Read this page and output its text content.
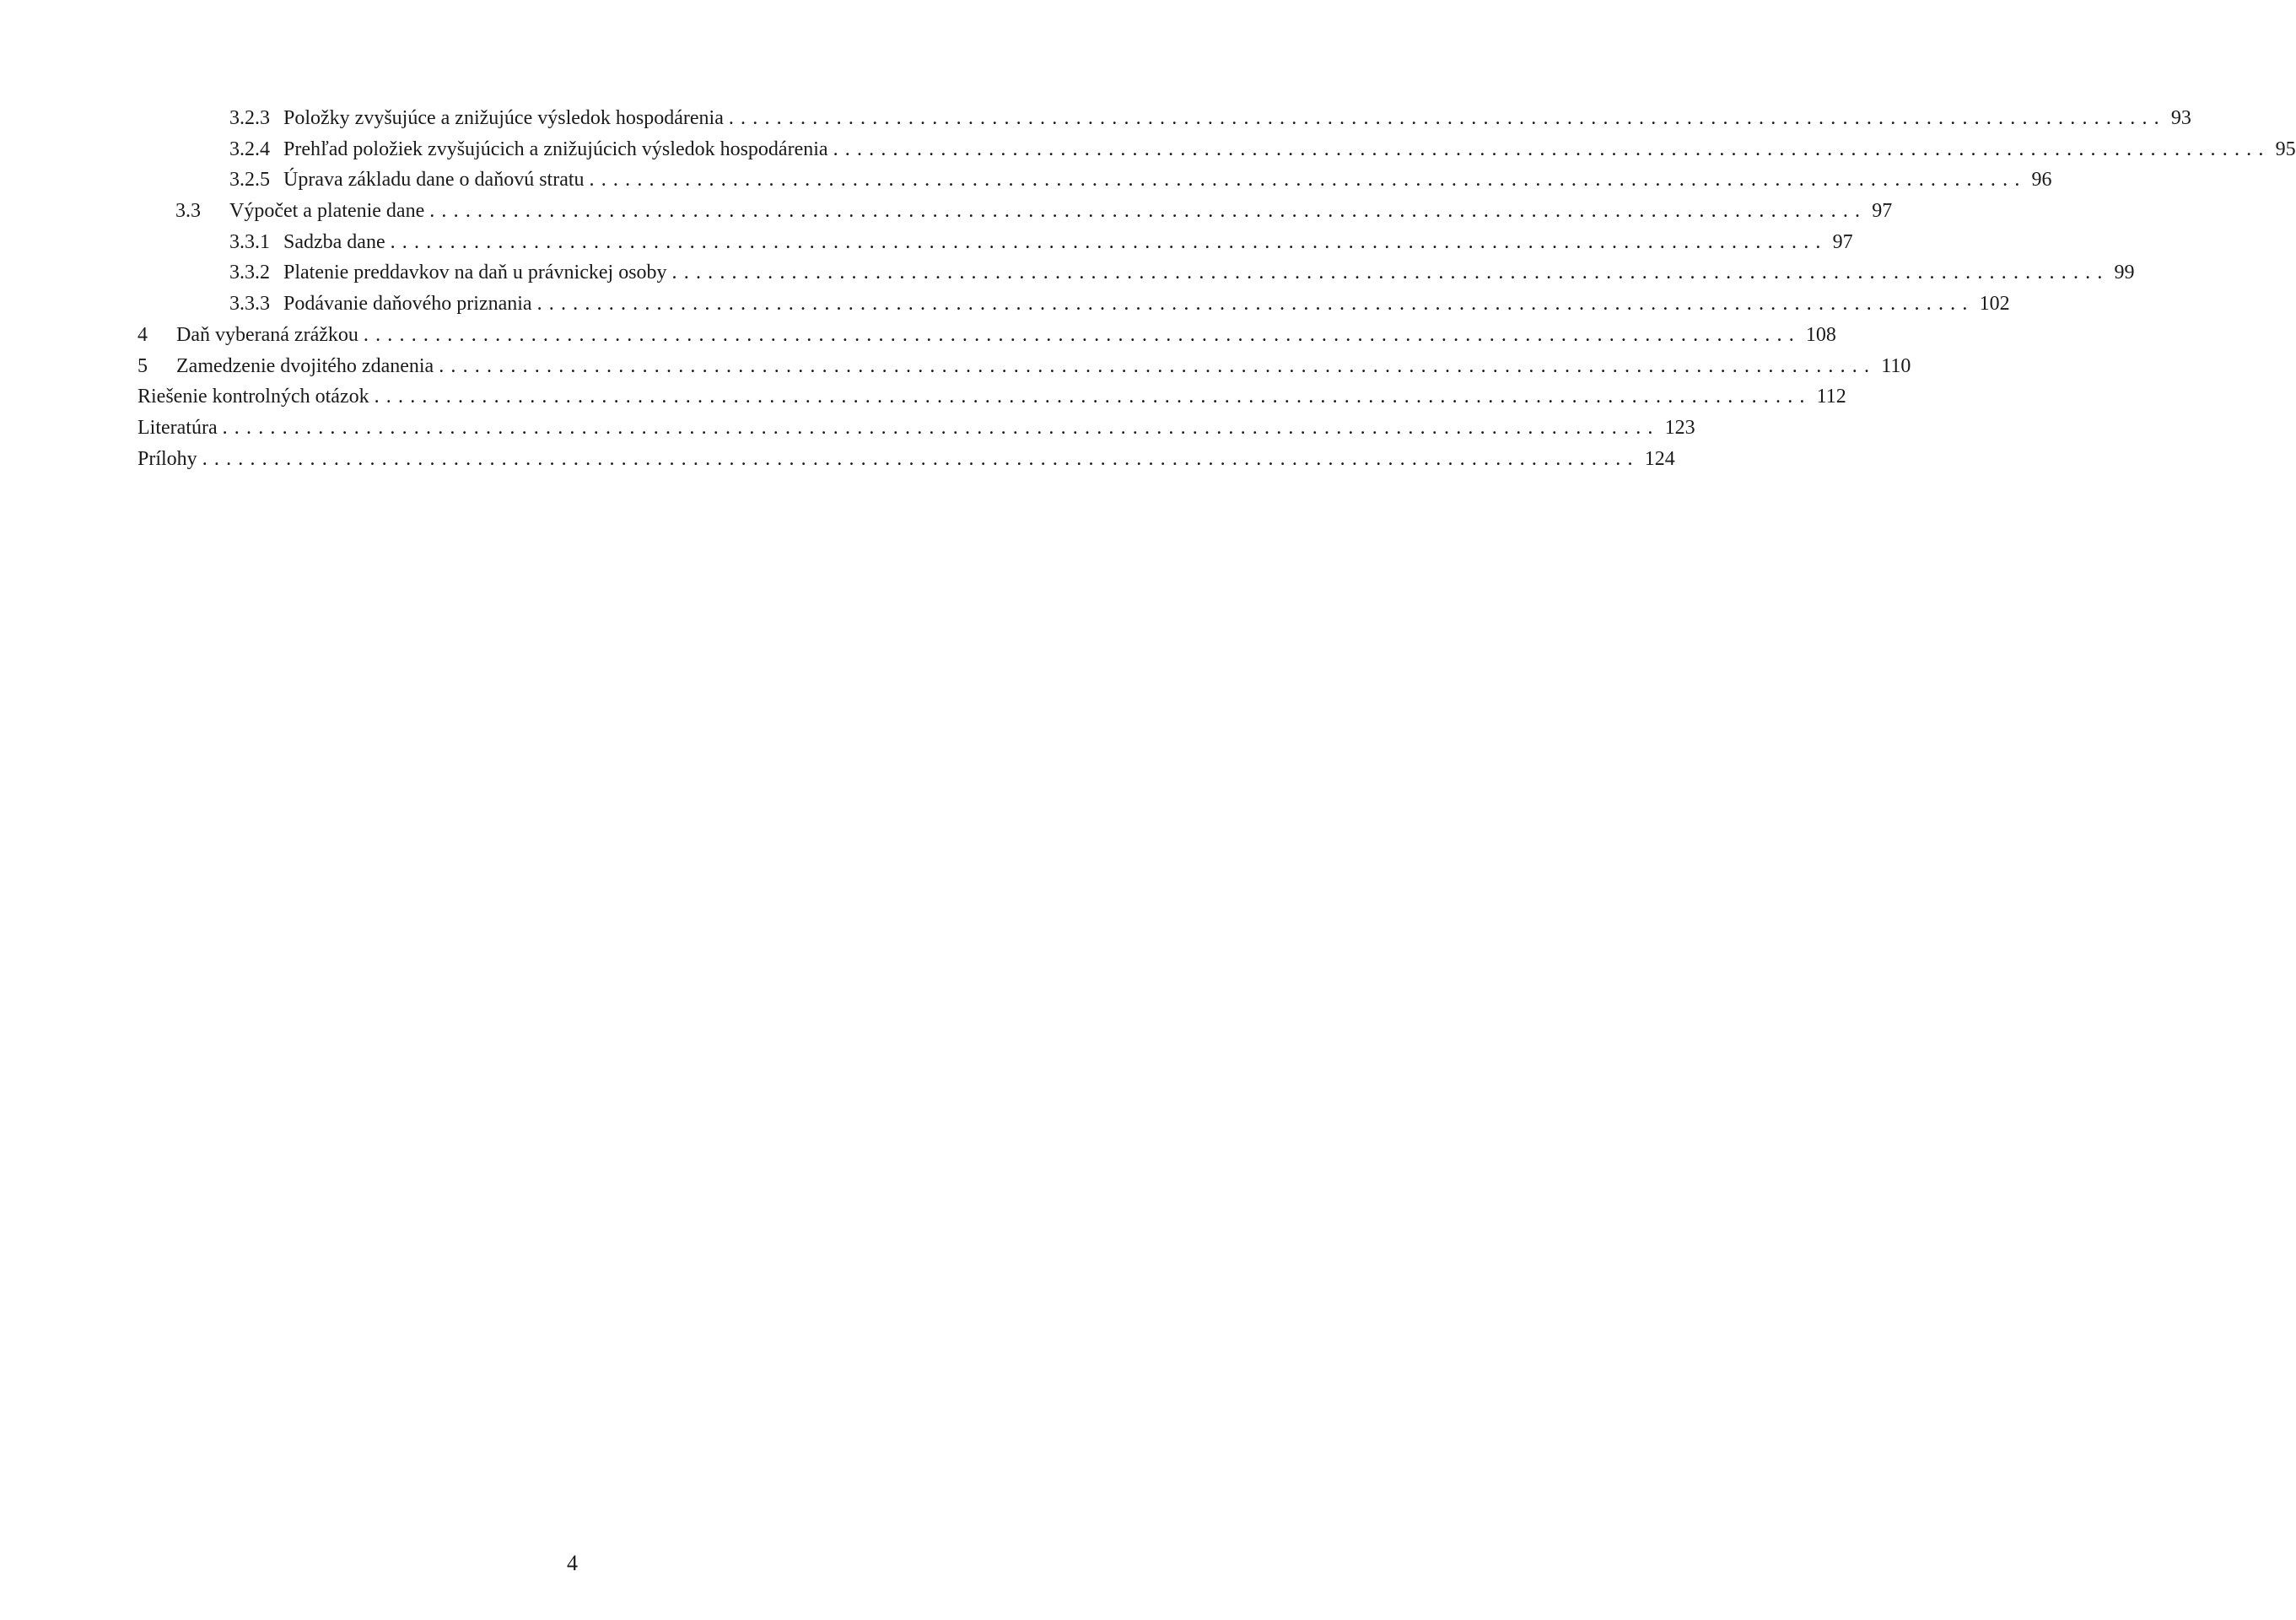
3.2.3 Položky zvyšujúce a znižujúce výsledok hospodárenia ........................................................................................................................ 93
3.2.4 Prehľad položiek zvyšujúcich a znižujúcich výsledok hospodárenia ........................................................................................................................ 95
3.2.5 Úprava základu dane o daňovú stratu ........................................................................................................................ 96
3.3	Výpočet a platenie dane ........................................................................................................................ 97
3.3.1 Sadzba dane ........................................................................................................................ 97
3.3.2 Platenie preddavkov na daň u právnickej osoby ........................................................................................................................ 99
3.3.3 Podávanie daňového priznania ........................................................................................................................ 102
4	Daň vyberaná zrážkou ........................................................................................................................ 108
5	Zamedzenie dvojitého zdanenia ........................................................................................................................ 110
Riešenie kontrolných otázok ........................................................................................................................ 112
Literatúra ........................................................................................................................ 123
Prílohy ........................................................................................................................ 124
4
